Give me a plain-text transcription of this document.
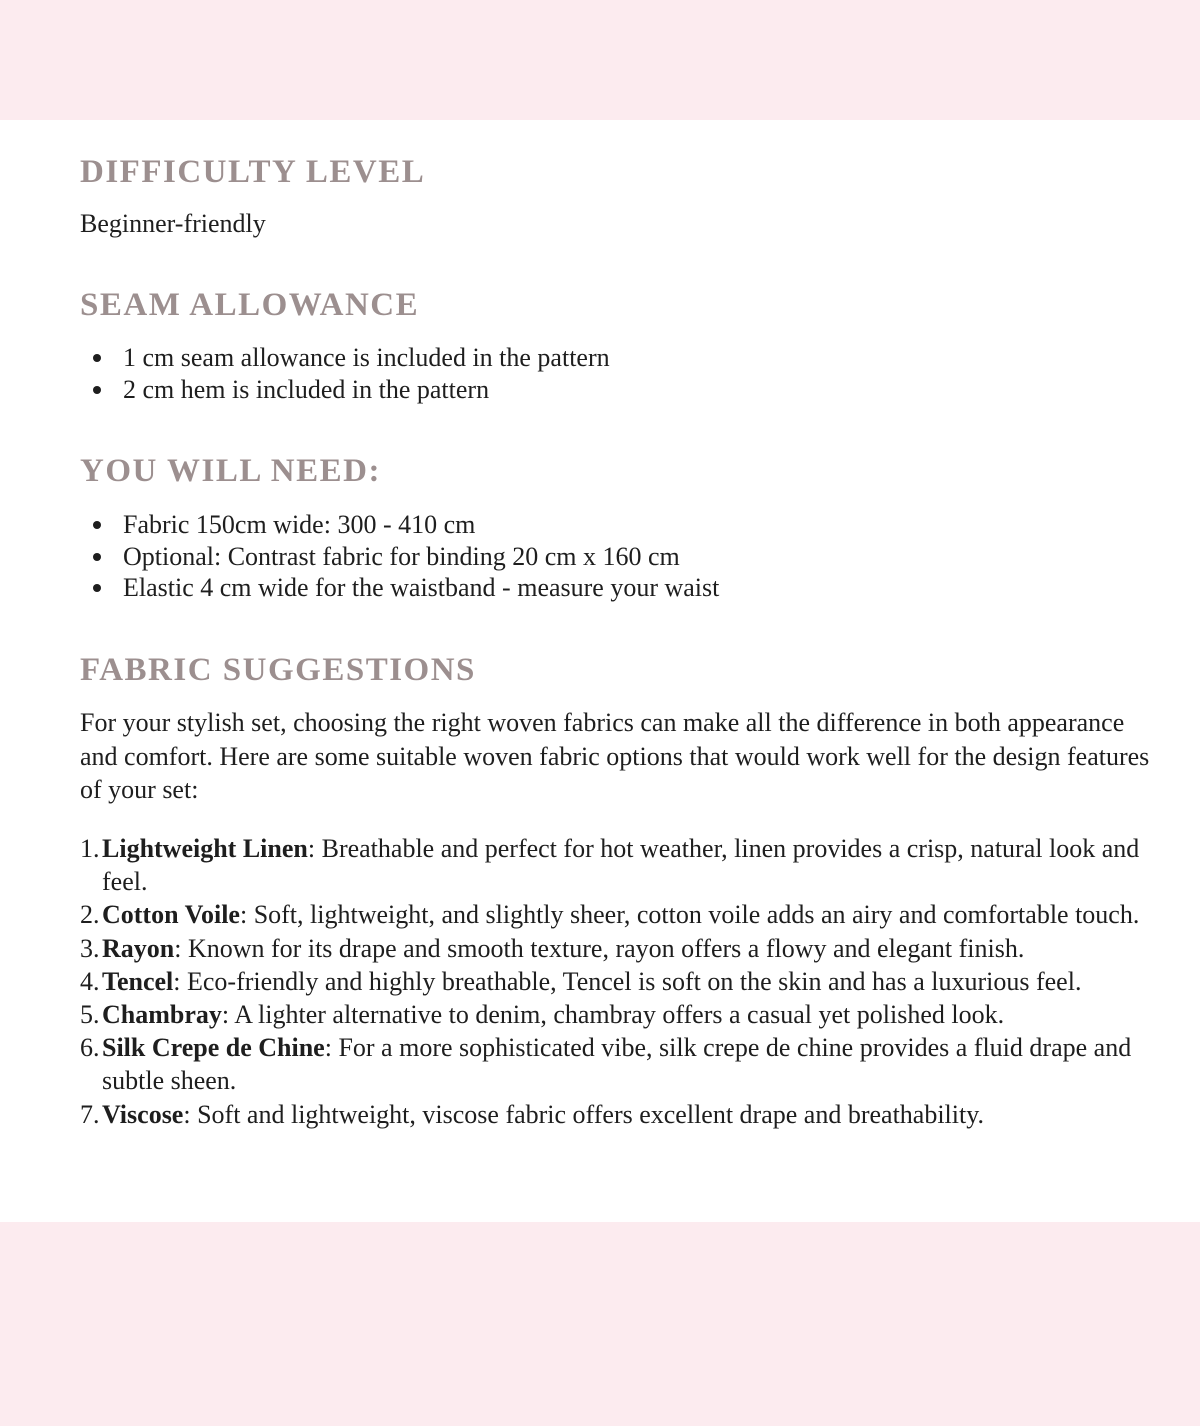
DIFFICULTY LEVEL

Beginner-friendly

SEAM ALLOWANCE
1 cm seam allowance is included in the pattern
2 cm hem is included in the pattern
YOU WILL NEED:
Fabric 150cm wide: 300 - 410 cm
Optional: Contrast fabric for binding 20 cm x 160 cm
Elastic 4 cm wide for the waistband - measure your waist
FABRIC SUGGESTIONS

For your stylish set, choosing the right woven fabrics can make all the difference in both appearance and comfort. Here are some suitable woven fabric options that would work well for the design features of your set:

1. Lightweight Linen: Breathable and perfect for hot weather, linen provides a crisp, natural look and feel.
2. Cotton Voile: Soft, lightweight, and slightly sheer, cotton voile adds an airy and comfortable touch.
3. Rayon: Known for its drape and smooth texture, rayon offers a flowy and elegant finish.
4. Tencel: Eco-friendly and highly breathable, Tencel is soft on the skin and has a luxurious feel.
5. Chambray: A lighter alternative to denim, chambray offers a casual yet polished look.
6. Silk Crepe de Chine: For a more sophisticated vibe, silk crepe de chine provides a fluid drape and subtle sheen.
7. Viscose: Soft and lightweight, viscose fabric offers excellent drape and breathability.
